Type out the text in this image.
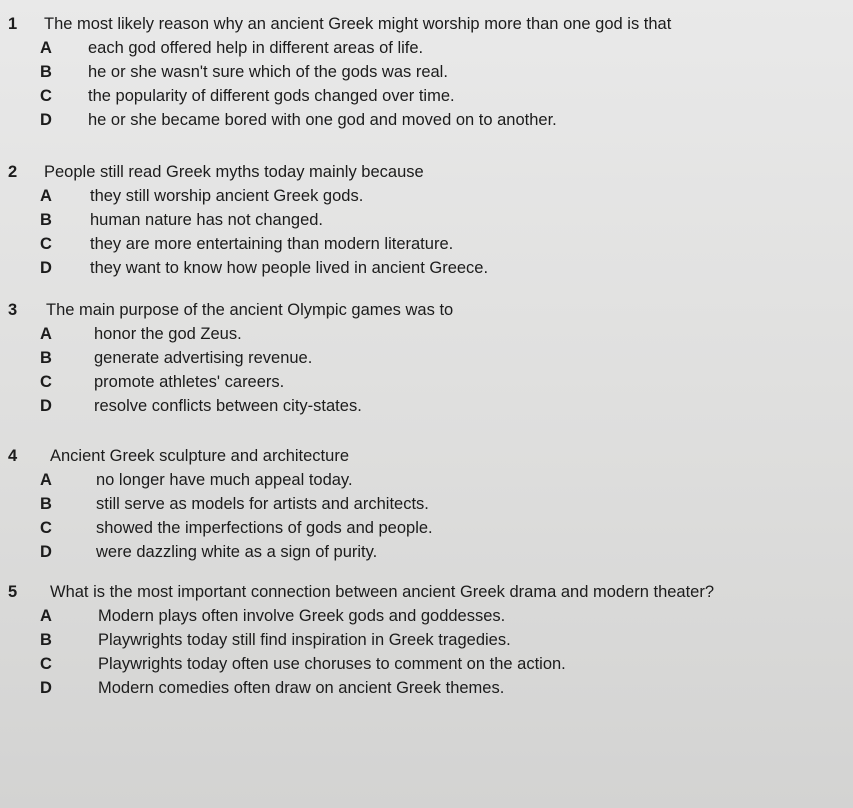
1 The most likely reason why an ancient Greek might worship more than one god is that
A each god offered help in different areas of life.
B he or she wasn't sure which of the gods was real.
C the popularity of different gods changed over time.
D he or she became bored with one god and moved on to another.
2 People still read Greek myths today mainly because
A they still worship ancient Greek gods.
B human nature has not changed.
C they are more entertaining than modern literature.
D they want to know how people lived in ancient Greece.
3 The main purpose of the ancient Olympic games was to
A	honor the god Zeus.
B	generate advertising revenue.
C	promote athletes' careers.
D	resolve conflicts between city-states.
4 Ancient Greek sculpture and architecture
A	no longer have much appeal today.
B	still serve as models for artists and architects.
C	showed the imperfections of gods and people.
D	were dazzling white as a sign of purity.
5 What is the most important connection between ancient Greek drama and modern theater?
A	Modern plays often involve Greek gods and goddesses.
B	Playwrights today still find inspiration in Greek tragedies.
C	Playwrights today often use choruses to comment on the action.
D	Modern comedies often draw on ancient Greek themes.
